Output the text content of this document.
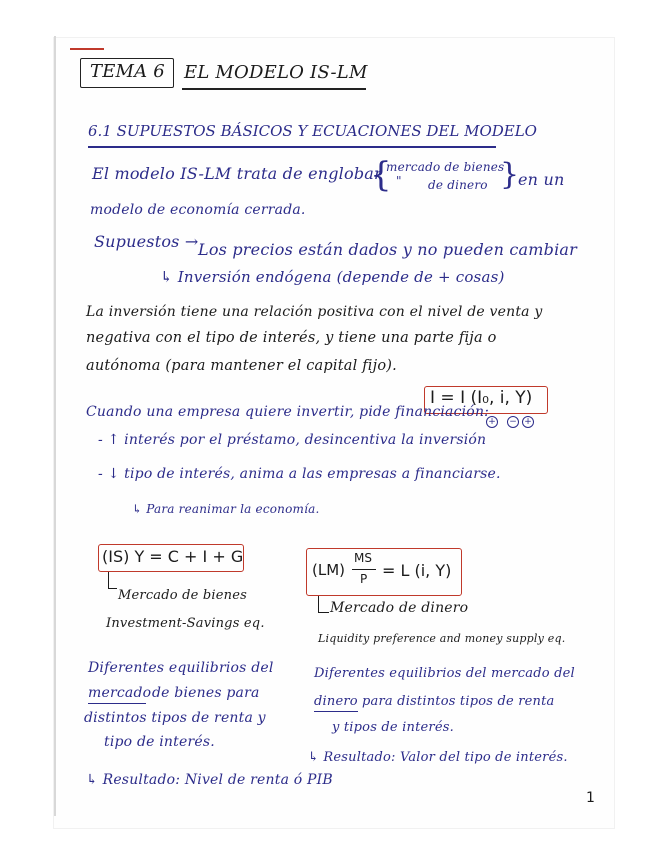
TEMA 6 EL MODELO IS-LM
6.1 SUPUESTOS BÁSICOS Y ECUACIONES DEL MODELO
El modelo IS-LM trata de englobar
{
mercado de bienes
" de dinero }
en un
modelo de economía cerrada.
Supuestos → Los precios están dados y no pueden cambiar
↳ Inversión endógena (depende de + cosas)
La inversión tiene una relación positiva con el nivel de venta y
negativa con el tipo de interés, y tiene una parte fija o
autónoma (para mantener el capital fijo).
I = I (I₀, i, Y)
+ − +
Cuando una empresa quiere invertir, pide financiación:
- ↑ interés por el préstamo, desincentiva la inversión
- ↓ tipo de interés, anima a las empresas a financiarse.
↳ Para reanimar la economía.
(IS) Y = C + I + G
Mercado de bienes
Investment-Savings eq.
Diferentes equilibrios del
mercado de bienes para
distintos tipos de renta y
tipo de interés.
↳ Resultado: Nivel de renta ó PIB
(LM)
MS
P = L (i, Y)
Mercado de dinero
Liquidity preference and money supply eq.
Diferentes equilibrios del mercado del
dinero para distintos tipos de renta
y tipos de interés.
↳ Resultado: Valor del tipo de interés.
1
